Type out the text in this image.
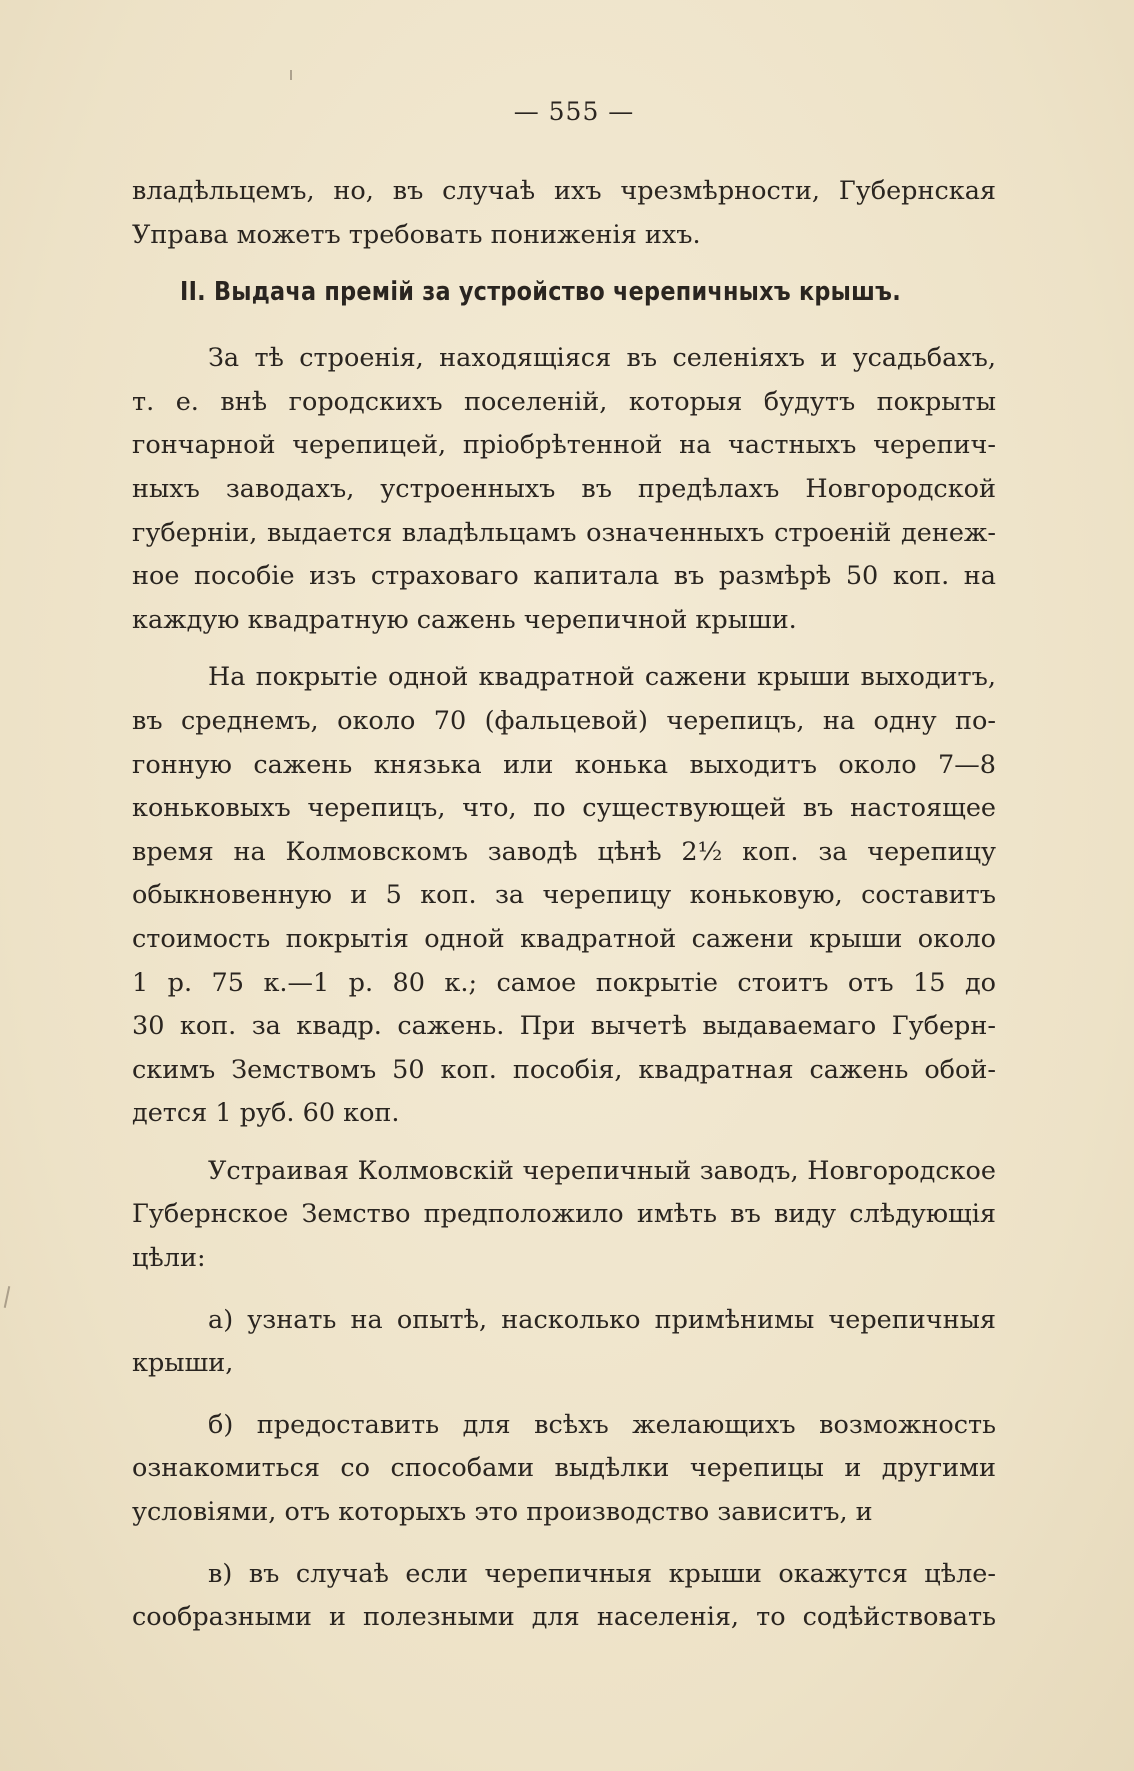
— 555 —

владѣльцемъ, но, въ случаѣ ихъ чрезмѣрности, Губернская
Управа можетъ требовать пониженія ихъ.

II. Выдача премій за устройство черепичныхъ крышъ.

За тѣ строенія, находящіяся въ селеніяхъ и усадьбахъ,
т. е. внѣ городскихъ поселеній, которыя будутъ покрыты
гончарной черепицей, пріобрѣтенной на частныхъ черепич-
ныхъ заводахъ, устроенныхъ въ предѣлахъ Новгородской
губерніи, выдается владѣльцамъ означенныхъ строеній денеж-
ное пособіе изъ страховаго капитала въ размѣрѣ 50 коп. на
каждую квадратную сажень черепичной крыши.

На покрытіе одной квадратной сажени крыши выходитъ,
въ среднемъ, около 70 (фальцевой) черепицъ, на одну по-
гонную сажень князька или конька выходитъ около 7—8
коньковыхъ черепицъ, что, по существующей въ настоящее
время на Колмовскомъ заводѣ цѣнѣ 2½ коп. за черепицу
обыкновенную и 5 коп. за черепицу коньковую, составитъ
стоимость покрытія одной квадратной сажени крыши около
1 р. 75 к.—1 р. 80 к.; самое покрытіе стоитъ отъ 15 до
30 коп. за квадр. сажень. При вычетѣ выдаваемаго Губерн-
скимъ Земствомъ 50 коп. пособія, квадратная сажень обой-
дется 1 руб. 60 коп.

Устраивая Колмовскій черепичный заводъ, Новгородское
Губернское Земство предположило имѣть въ виду слѣдующія
цѣли:

а) узнать на опытѣ, насколько примѣнимы черепичныя
крыши,

б) предоставить для всѣхъ желающихъ возможность
ознакомиться со способами выдѣлки черепицы и другими
условіями, отъ которыхъ это производство зависитъ, и

в) въ случаѣ если черепичныя крыши окажутся цѣле-
сообразными и полезными для населенія, то содѣйствовать
